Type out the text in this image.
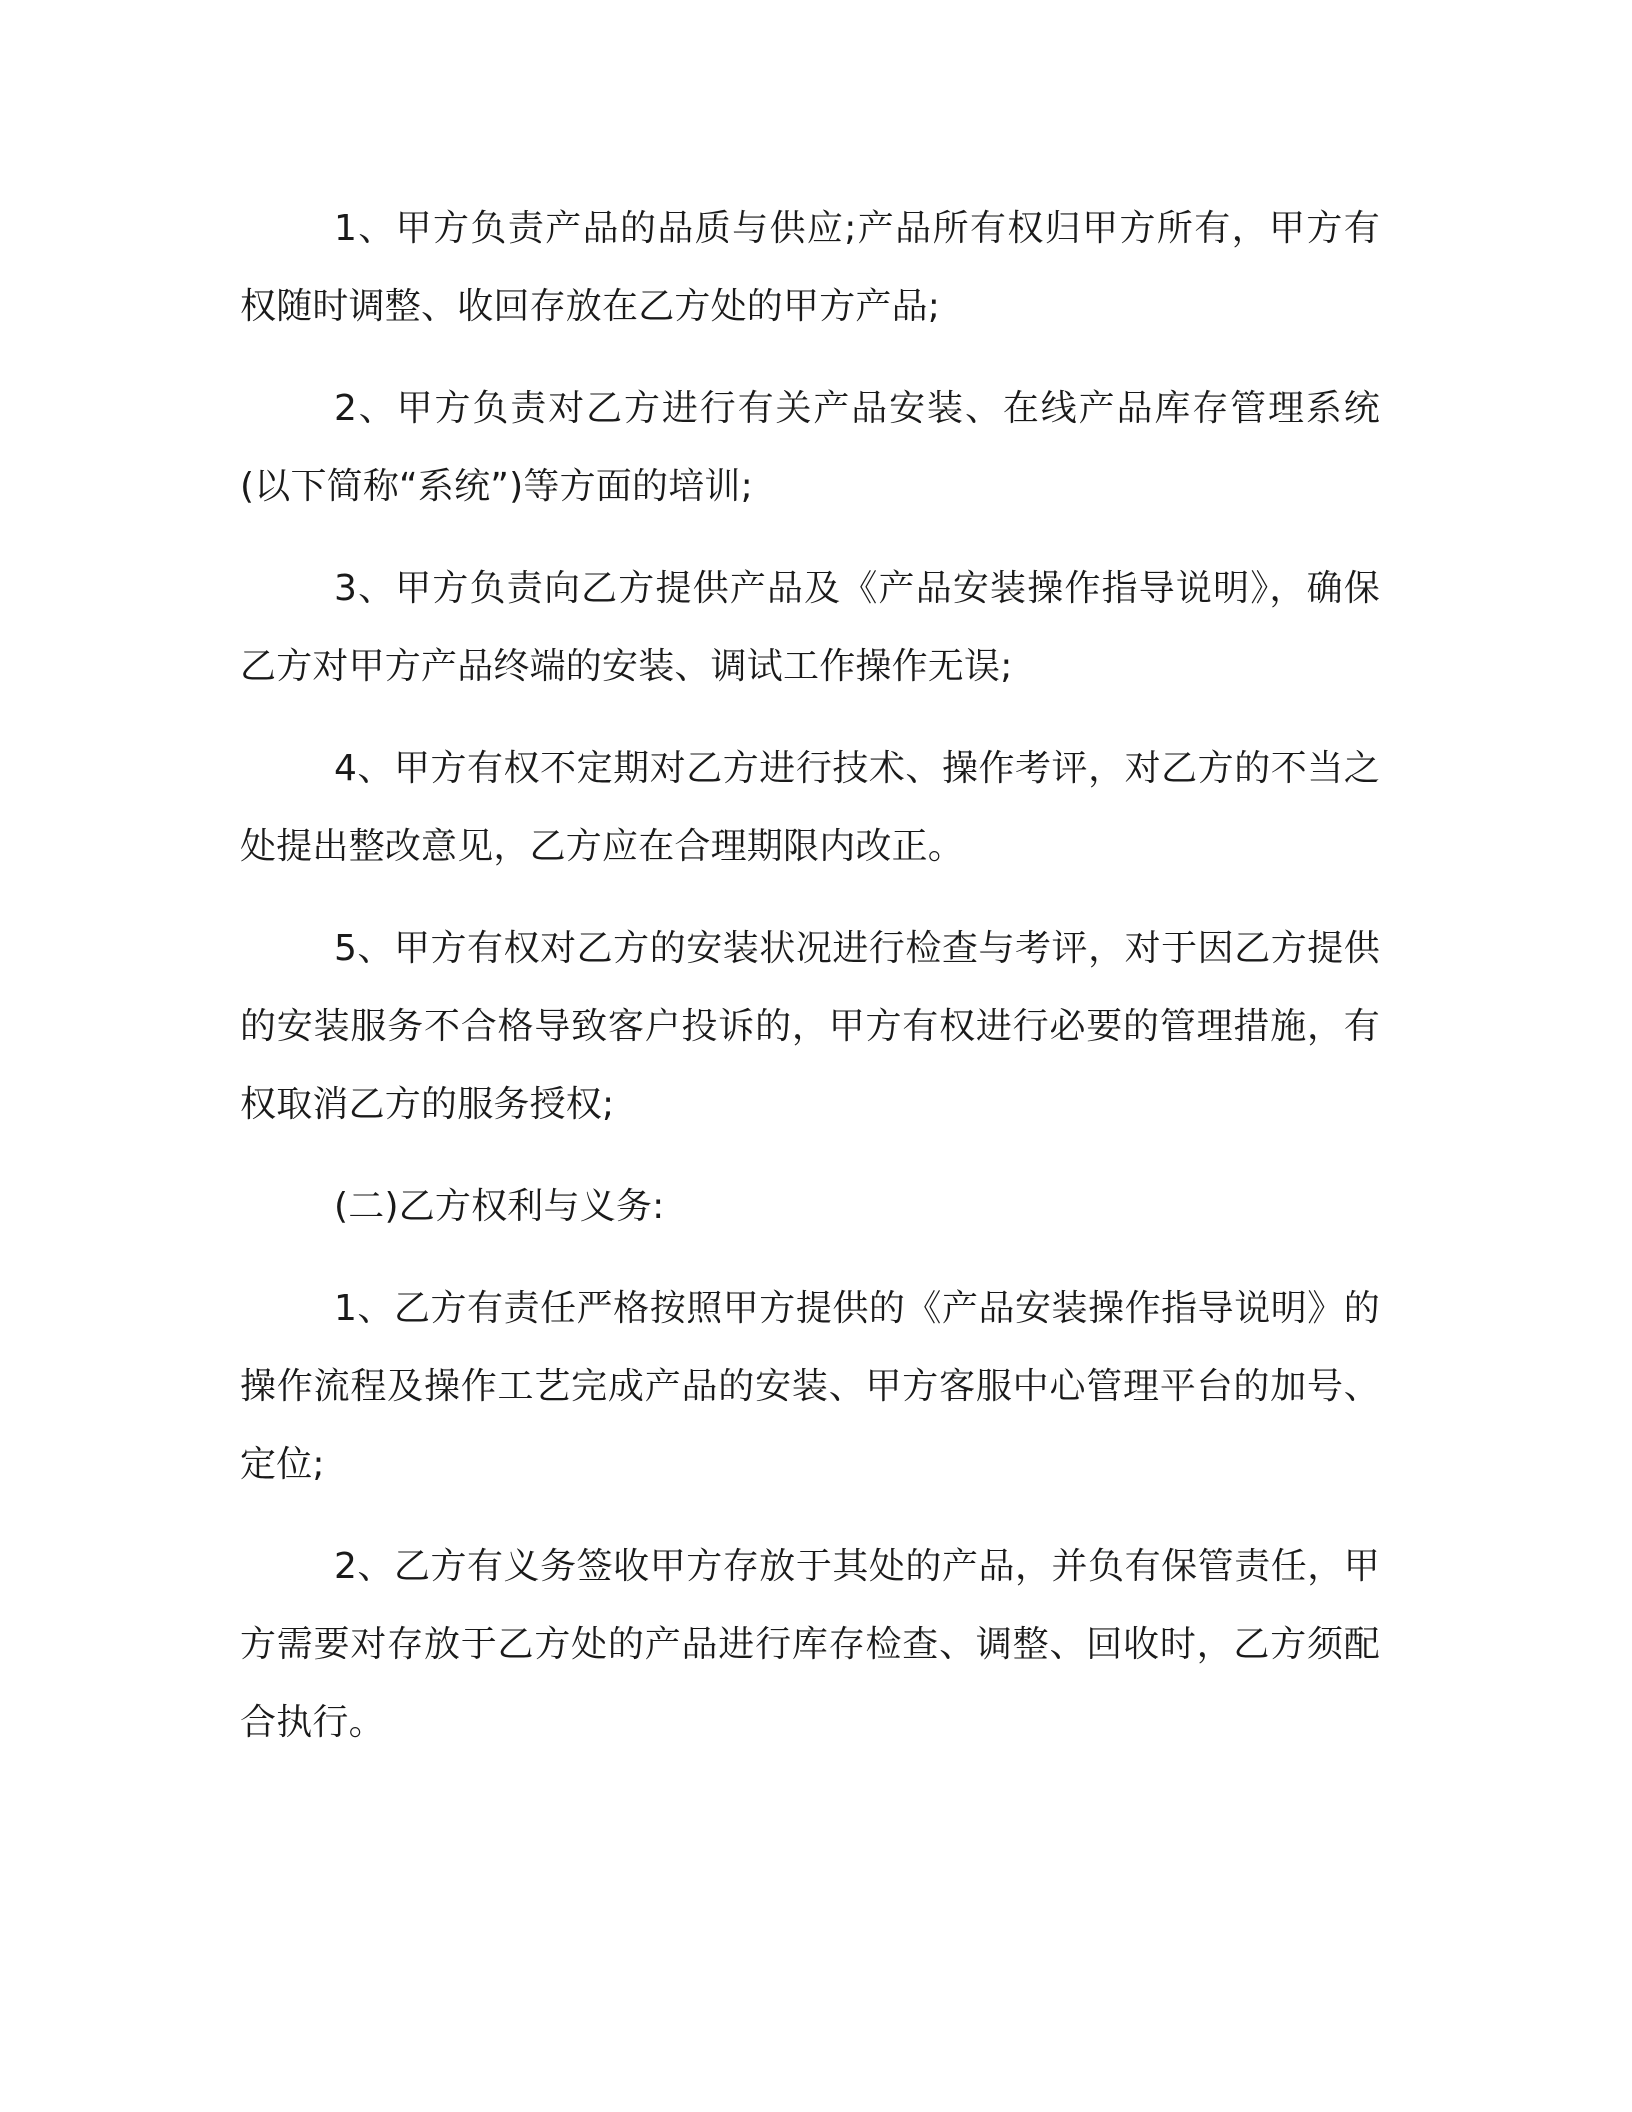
1、甲方负责产品的品质与供应;产品所有权归甲方所有，甲方有权随时调整、收回存放在乙方处的甲方产品;

2、甲方负责对乙方进行有关产品安装、在线产品库存管理系统(以下简称“系统”)等方面的培训;

3、甲方负责向乙方提供产品及《产品安装操作指导说明》，确保乙方对甲方产品终端的安装、调试工作操作无误;

4、甲方有权不定期对乙方进行技术、操作考评，对乙方的不当之处提出整改意见，乙方应在合理期限内改正。

5、甲方有权对乙方的安装状况进行检查与考评，对于因乙方提供的安装服务不合格导致客户投诉的，甲方有权进行必要的管理措施，有权取消乙方的服务授权;

(二)乙方权利与义务:

1、乙方有责任严格按照甲方提供的《产品安装操作指导说明》的操作流程及操作工艺完成产品的安装、甲方客服中心管理平台的加号、定位;

2、乙方有义务签收甲方存放于其处的产品，并负有保管责任，甲方需要对存放于乙方处的产品进行库存检查、调整、回收时，乙方须配合执行。
